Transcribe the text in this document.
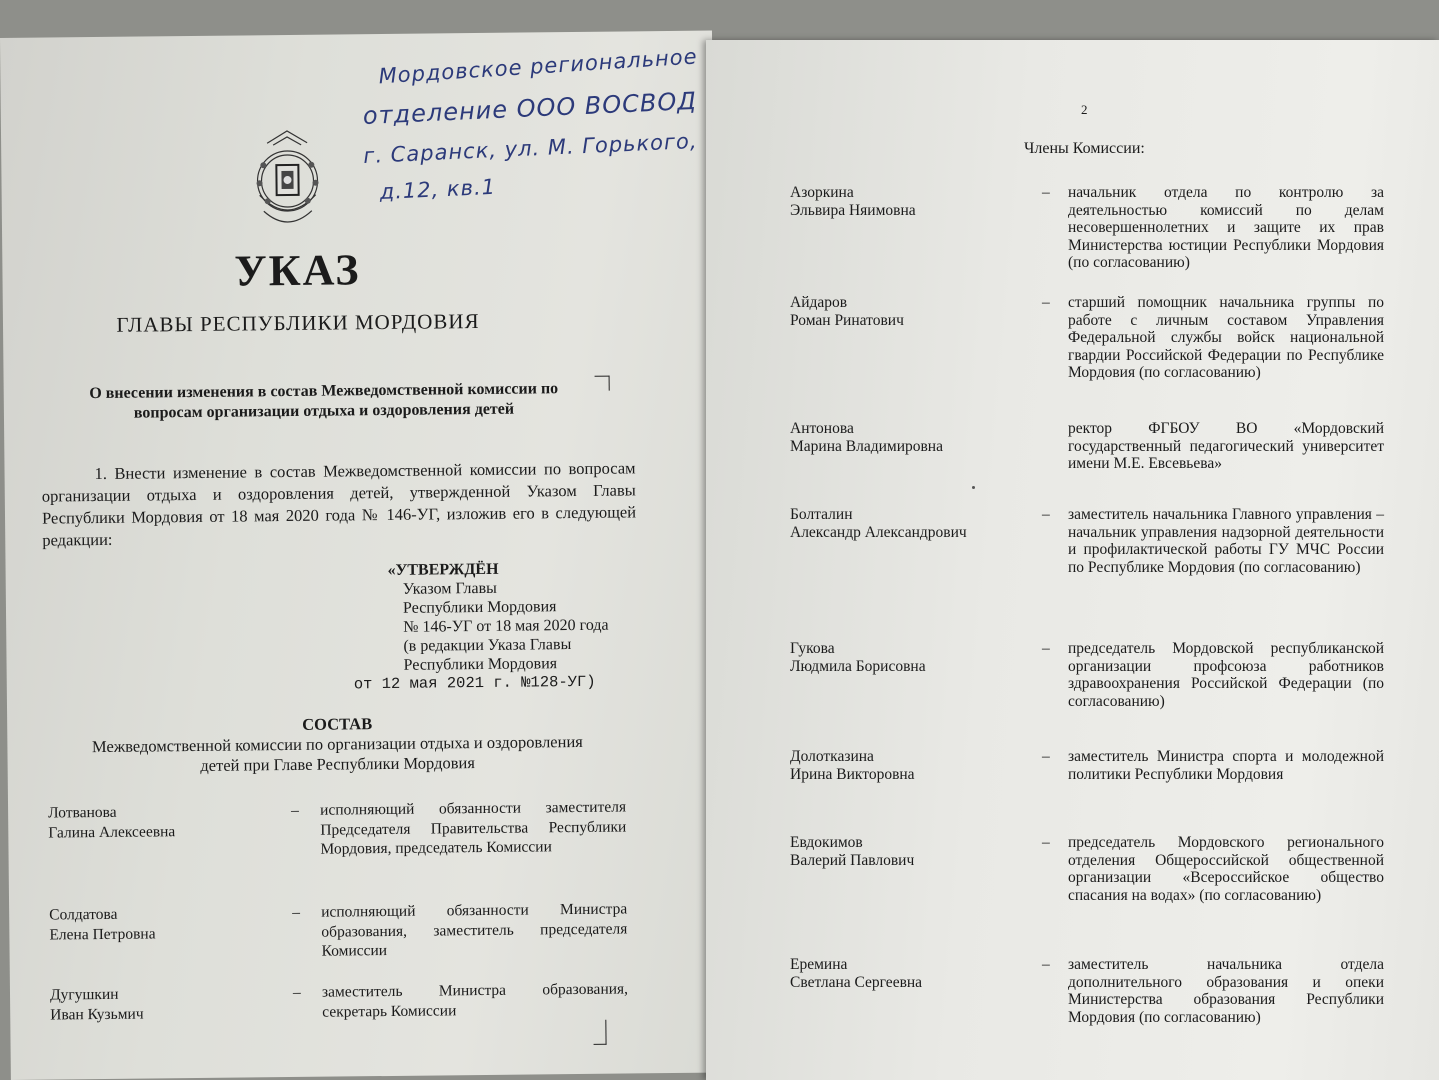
Мордовское региональное
отделение ООО ВОСВОД
г. Саранск, ул. М. Горького,
д.12, кв.1
УКАЗ
ГЛАВЫ РЕСПУБЛИКИ МОРДОВИЯ
О внесении изменения в состав Межведомственной комиссии по
вопросам организации отдыха и оздоровления детей
1. Внести изменение в состав Межведомственной комиссии по вопросам организации отдыха и оздоровления детей, утвержденной Указом Главы Республики Мордовия от 18 мая 2020 года № 146-УГ, изложив его в следующей редакции:
«УТВЕРЖДЁН
Указом Главы
Республики Мордовия
№ 146-УГ от 18 мая 2020 года
(в редакции Указа Главы
Республики Мордовия
от 12 мая 2021 г. №128-УГ)
СОСТАВ
Межведомственной комиссии по организации отдыха и оздоровления
детей при Главе Республики Мордовия
Лотванова
Галина Алексеевна
– исполняющий обязанности заместителя Председателя Правительства Республики Мордовия, председатель Комиссии
Солдатова
Елена Петровна
– исполняющий обязанности Министра образования, заместитель председателя Комиссии
Дугушкин
Иван Кузьмич
– заместитель Министра образования, секретарь Комиссии
2
Члены Комиссии:
Азоркина
Эльвира Няимовна
– начальник отдела по контролю за деятельностью комиссий по делам несовершеннолетних и защите их прав Министерства юстиции Республики Мордовия (по согласованию)
Айдаров
Роман Ринатович
– старший помощник начальника группы по работе с личным составом Управления Федеральной службы войск национальной гвардии Российской Федерации по Республике Мордовия (по согласованию)
Антонова
Марина Владимировна
ректор ФГБОУ ВО «Мордовский государственный педагогический университет имени М.Е. Евсевьева»
Болталин
Александр Александрович
– заместитель начальника Главного управления – начальник управления надзорной деятельности и профилактической работы ГУ МЧС России по Республике Мордовия (по согласованию)
Гукова
Людмила Борисовна
– председатель Мордовской республиканской организации профсоюза работников здравоохранения Российской Федерации (по согласованию)
Долотказина
Ирина Викторовна
– заместитель Министра спорта и молодежной политики Республики Мордовия
Евдокимов
Валерий Павлович
– председатель Мордовского регионального отделения Общероссийской общественной организации «Всероссийское общество спасания на водах» (по согласованию)
Еремина
Светлана Сергеевна
– заместитель начальника отдела дополнительного образования и опеки Министерства образования Республики Мордовия (по согласованию)
